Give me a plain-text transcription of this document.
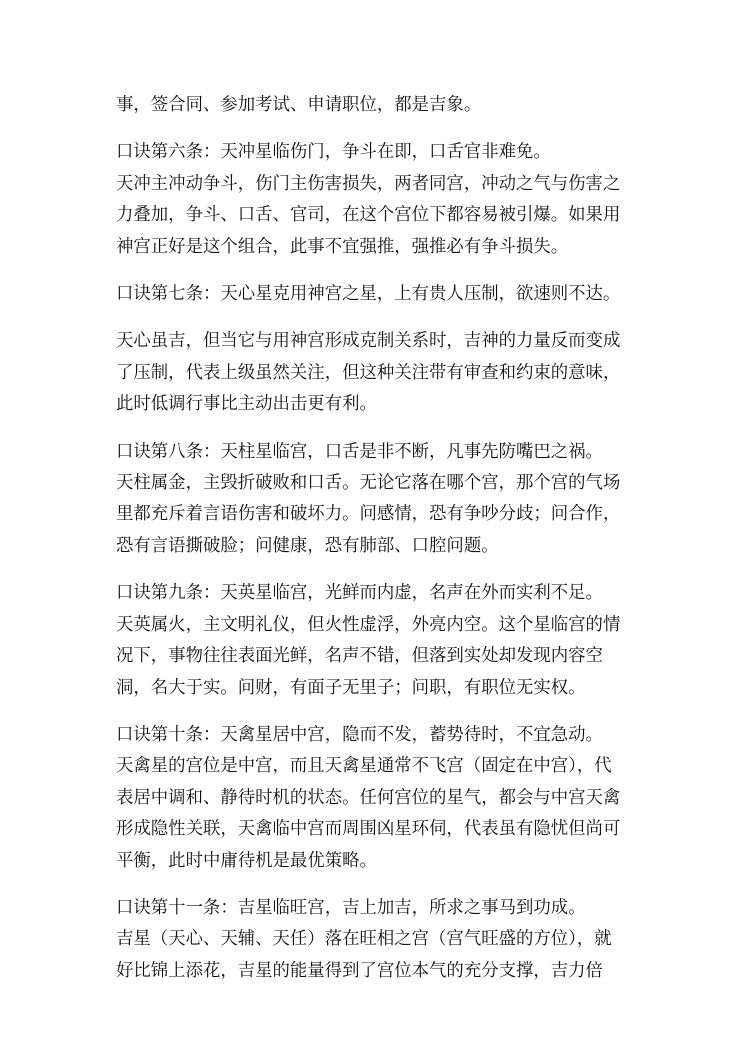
事，签合同、参加考试、申请职位，都是吉象。

口诀第六条：天冲星临伤门，争斗在即，口舌官非难免。
天冲主冲动争斗，伤门主伤害损失，两者同宫，冲动之气与伤害之
力叠加，争斗、口舌、官司，在这个宫位下都容易被引爆。如果用
神宫正好是这个组合，此事不宜强推，强推必有争斗损失。

口诀第七条：天心星克用神宫之星，上有贵人压制，欲速则不达。

天心虽吉，但当它与用神宫形成克制关系时，吉神的力量反而变成
了压制，代表上级虽然关注，但这种关注带有审查和约束的意味，
此时低调行事比主动出击更有利。

口诀第八条：天柱星临宫，口舌是非不断，凡事先防嘴巴之祸。
天柱属金，主毁折破败和口舌。无论它落在哪个宫，那个宫的气场
里都充斥着言语伤害和破坏力。问感情，恐有争吵分歧；问合作，
恐有言语撕破脸；问健康，恐有肺部、口腔问题。

口诀第九条：天英星临宫，光鲜而内虚，名声在外而实利不足。
天英属火，主文明礼仪，但火性虚浮，外亮内空。这个星临宫的情
况下，事物往往表面光鲜，名声不错，但落到实处却发现内容空
洞，名大于实。问财，有面子无里子；问职，有职位无实权。

口诀第十条：天禽星居中宫，隐而不发，蓄势待时，不宜急动。
天禽星的宫位是中宫，而且天禽星通常不飞宫（固定在中宫），代
表居中调和、静待时机的状态。任何宫位的星气，都会与中宫天禽
形成隐性关联，天禽临中宫而周围凶星环伺，代表虽有隐忧但尚可
平衡，此时中庸待机是最优策略。

口诀第十一条：吉星临旺宫，吉上加吉，所求之事马到功成。
吉星（天心、天辅、天任）落在旺相之宫（宫气旺盛的方位），就
好比锦上添花，吉星的能量得到了宫位本气的充分支撑，吉力倍
